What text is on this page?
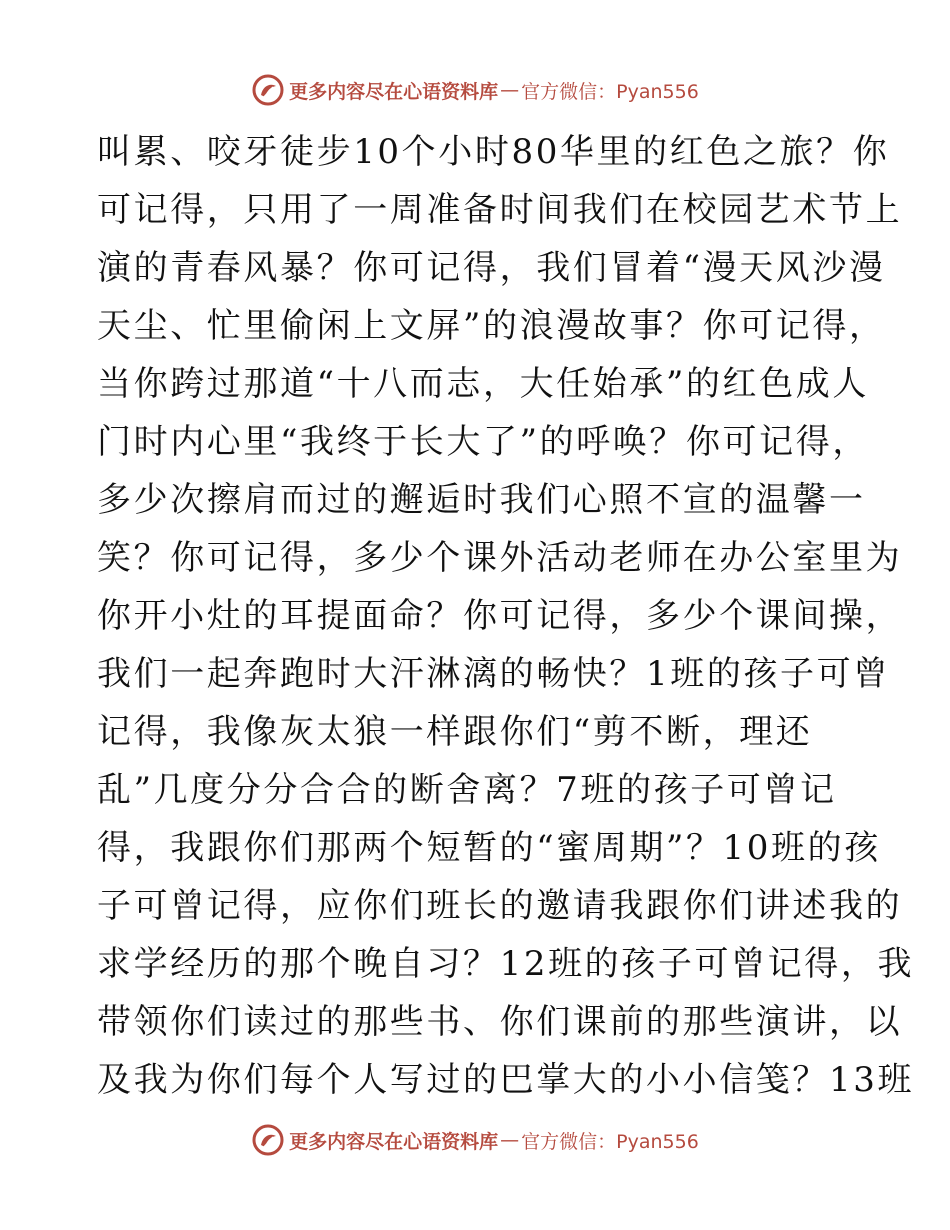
更多内容尽在心语资料库 — 官方微信：Pyan556
叫累、咬牙徒步10个小时80华里的红色之旅？你
可记得，只用了一周准备时间我们在校园艺术节上
演的青春风暴？你可记得，我们冒着“漫天风沙漫
天尘、忙里偷闲上文屏”的浪漫故事？你可记得，
当你跨过那道“十八而志，大任始承”的红色成人
门时内心里“我终于长大了”的呼唤？你可记得，
多少次擦肩而过的邂逅时我们心照不宣的温馨一
笑？你可记得，多少个课外活动老师在办公室里为
你开小灶的耳提面命？你可记得，多少个课间操，
我们一起奔跑时大汗淋漓的畅快？1班的孩子可曾
记得，我像灰太狼一样跟你们“剪不断，理还
乱”几度分分合合的断舍离？7班的孩子可曾记
得，我跟你们那两个短暂的“蜜周期”？10班的孩
子可曾记得，应你们班长的邀请我跟你们讲述我的
求学经历的那个晚自习？12班的孩子可曾记得，我
带领你们读过的那些书、你们课前的那些演讲，以
及我为你们每个人写过的巴掌大的小小信笺？13班
更多内容尽在心语资料库 — 官方微信：Pyan556
